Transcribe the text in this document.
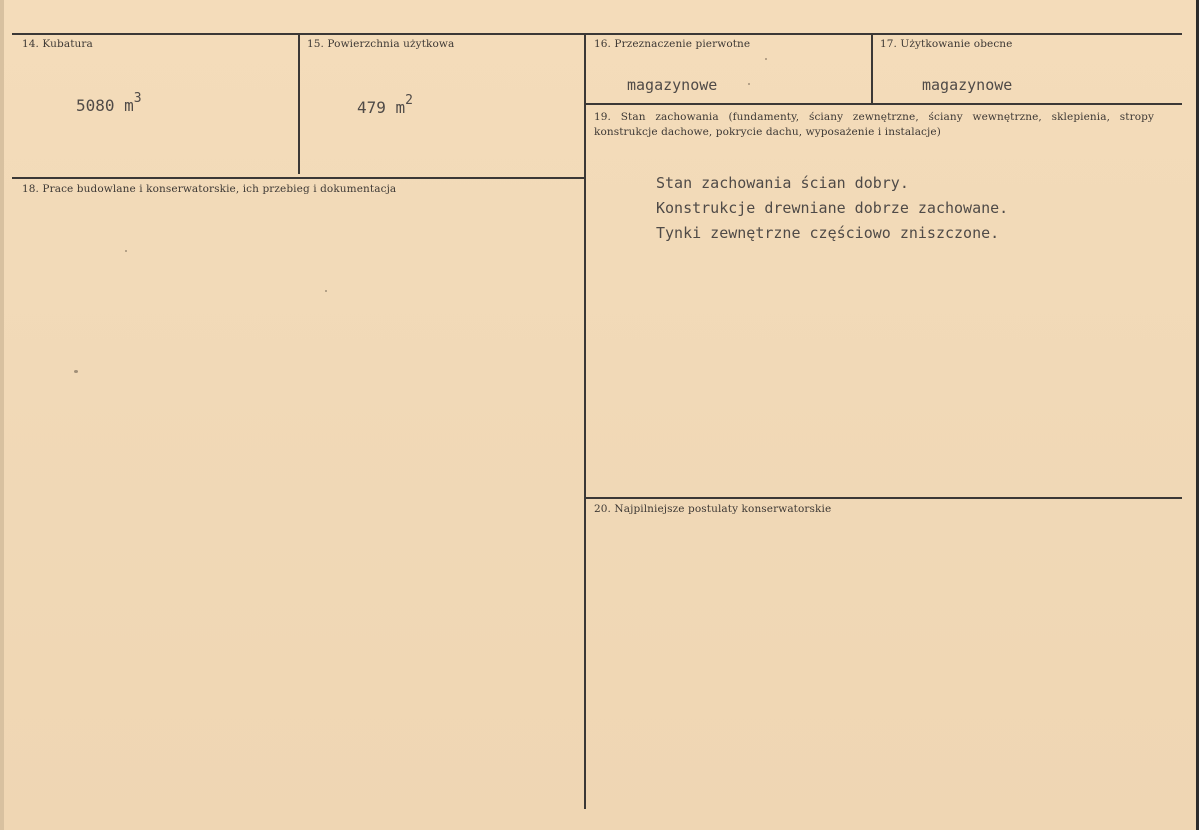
14. Kubatura
5080 $m^3$
15. Powierzchnia użytkowa
479 $m^2$
16. Przeznaczenie pierwotne
magazynowe
17. Użytkowanie obecne
magazynowe
18. Prace budowlane i konserwatorskie, ich przebieg i dokumentacja
19. Stan zachowania (fundamenty, ściany zewnętrzne, ściany wewnętrzne, sklepienia, stropy konstrukcje dachowe, pokrycie dachu, wyposażenie i instalacje)
Stan zachowania ścian dobry.
Konstrukcje drewniane dobrze zachowane.
Tynki zewnętrzne częściowo zniszczone.
20. Najpilniejsze postulaty konserwatorskie
